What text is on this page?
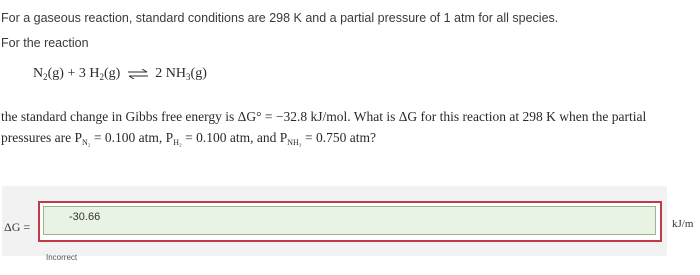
For a gaseous reaction, standard conditions are 298 K and a partial pressure of 1 atm for all species.
For the reaction
$N_2(g) + 3$ $H_2(g)$ ⇌ 2 $NH_3(g)$
the standard change in Gibbs free energy is ΔG° = −32.8 kJ/mol. What is ΔG for this reaction at 298 K when the partial
pressures are $P_{N_2} = 0.100$ atm, $P_{H_2} = 0.100$ atm, and $P_{NH_3} = 0.750$ atm?
-30.66
ΔG =	kJ/m
Incorrect
